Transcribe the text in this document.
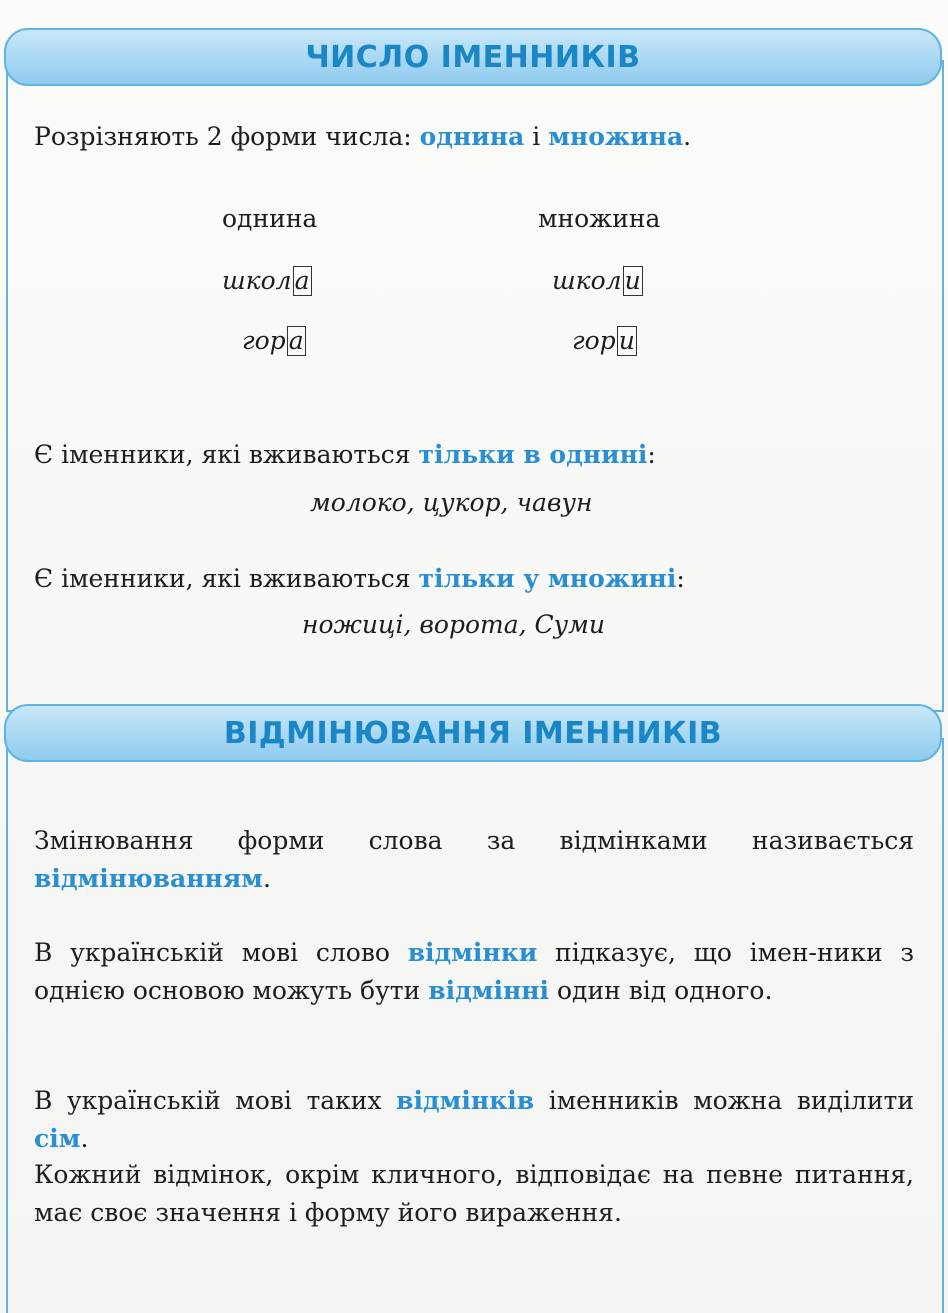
ЧИСЛО ІМЕННИКІВ
Розрізняють 2 форми числа: однина і множина.
однина	множина
школ а	школ и
гор а	гор и
Є іменники, які вживаються тільки в однині:
молоко, цукор, чавун
Є іменники, які вживаються тільки у множині:
ножиці, ворота, Суми
ВІДМІНЮВАННЯ ІМЕННИКІВ
Змінювання форми слова за відмінками називається відмінюванням.
В українській мові слово відмінки підказує, що імен-ники з однією основою можуть бути відмінні один від одного.
В українській мові таких відмінків іменників можна виділити сім.
Кожний відмінок, окрім кличного, відповідає на певне питання, має своє значення і форму його вираження.
